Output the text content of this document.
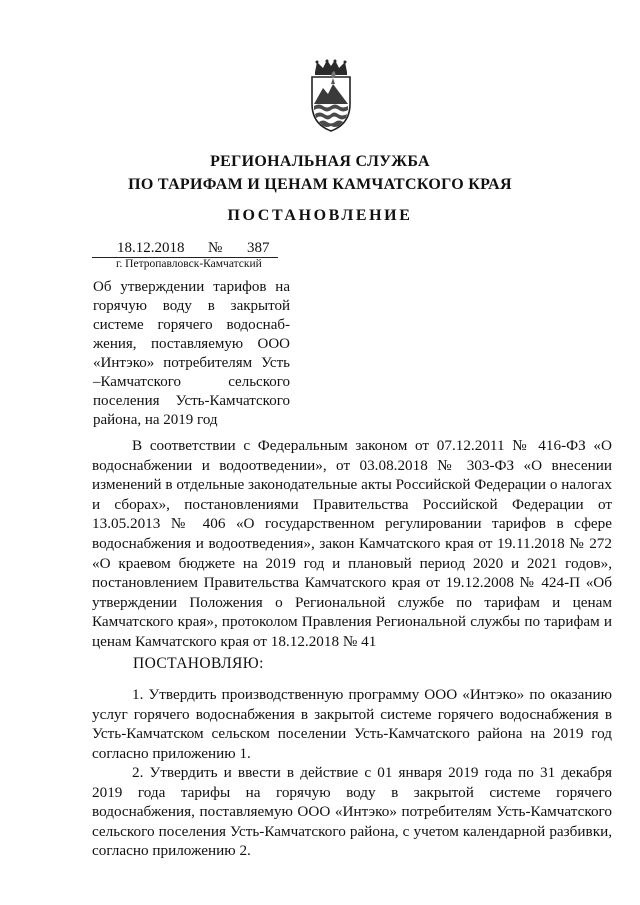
РЕГИОНАЛЬНАЯ СЛУЖБА
ПО ТАРИФАМ И ЦЕНАМ КАМЧАТСКОГО КРАЯ
ПОСТАНОВЛЕНИЕ
18.12.2018 № 387
г. Петропавловск-Камчатский
Об утверждении тарифов на
горячую воду в закрытой
системе горячего водоснаб-
жения, поставляемую ООО
«Интэко» потребителям Усть
–Камчатского сельского
поселения Усть-Камчатского
района, на 2019 год
В соответствии с Федеральным законом от 07.12.2011 № 416-ФЗ «О водоснабжении и водоотведении», от 03.08.2018 № 303-ФЗ «О внесении изменений в отдельные законодательные акты Российской Федерации о налогах и сборах», постановлениями Правительства Российской Федерации от 13.05.2013 № 406 «О государственном регулировании тарифов в сфере водоснабжения и водоотведения», закон Камчатского края от 19.11.2018 № 272 «О краевом бюджете на 2019 год и плановый период 2020 и 2021 годов», постановлением Правительства Камчатского края от 19.12.2008 № 424-П «Об утверждении Положения о Региональной службе по тарифам и ценам Камчатского края», протоколом Правления Региональной службы по тарифам и ценам Камчатского края от 18.12.2018 № 41
ПОСТАНОВЛЯЮ:
1. Утвердить производственную программу ООО «Интэко» по оказанию услуг горячего водоснабжения в закрытой системе горячего водоснабжения в Усть-Камчатском сельском поселении Усть-Камчатского района на 2019 год согласно приложению 1.
2. Утвердить и ввести в действие с 01 января 2019 года по 31 декабря 2019 года тарифы на горячую воду в закрытой системе горячего водоснабжения, поставляемую ООО «Интэко» потребителям Усть-Камчатского сельского поселения Усть-Камчатского района, с учетом календарной разбивки, согласно приложению 2.
